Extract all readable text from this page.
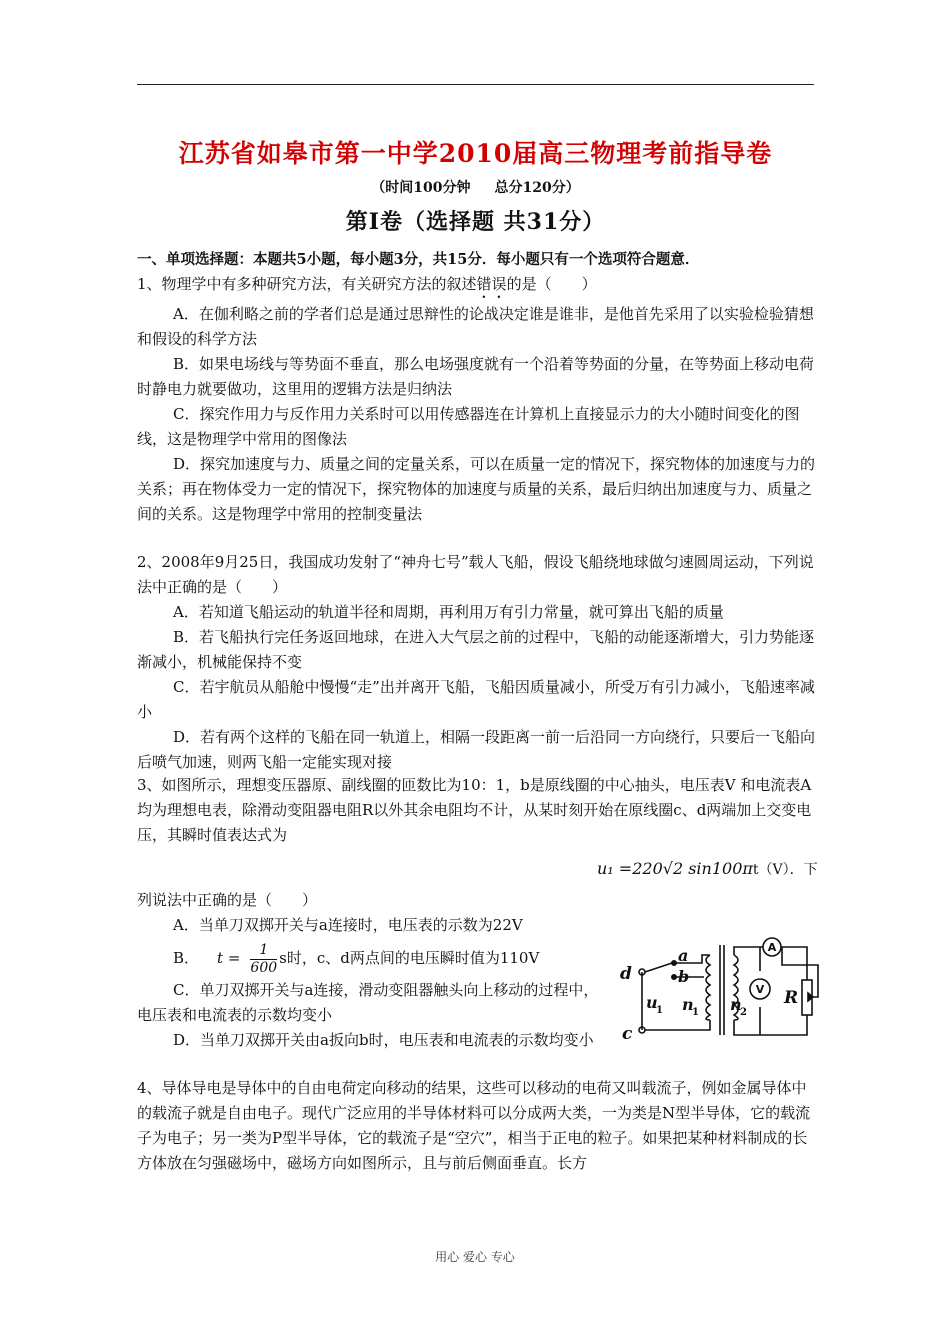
江苏省如皋市第一中学2010届高三物理考前指导卷
（时间100分钟 总分120分）
第Ⅰ卷（选择题 共31分）
一、单项选择题：本题共5小题，每小题3分，共15分．每小题只有一个选项符合题意．
1、物理学中有多种研究方法，有关研究方法的叙述错误的是（　　）
A．在伽利略之前的学者们总是通过思辩性的论战决定谁是谁非，是他首先采用了以实验检验猜想和假设的科学方法
B．如果电场线与等势面不垂直，那么电场强度就有一个沿着等势面的分量，在等势面上移动电荷时静电力就要做功，这里用的逻辑方法是归纳法
C．探究作用力与反作用力关系时可以用传感器连在计算机上直接显示力的大小随时间变化的图线，这是物理学中常用的图像法
D．探究加速度与力、质量之间的定量关系，可以在质量一定的情况下，探究物体的加速度与力的关系；再在物体受力一定的情况下，探究物体的加速度与质量的关系，最后归纳出加速度与力、质量之间的关系。这是物理学中常用的控制变量法
2、2008年9月25日，我国成功发射了“神舟七号”载人飞船，假设飞船绕地球做匀速圆周运动，下列说法中正确的是（　　）
A．若知道飞船运动的轨道半径和周期，再利用万有引力常量，就可算出飞船的质量
B．若飞船执行完任务返回地球，在进入大气层之前的过程中，飞船的动能逐渐增大，引力势能逐渐减小，机械能保持不变
C．若宇航员从船舱中慢慢“走”出并离开飞船，飞船因质量减小，所受万有引力减小，飞船速率减小
D．若有两个这样的飞船在同一轨道上，相隔一段距离一前一后沿同一方向绕行，只要后一飞船向后喷气加速，则两飞船一定能实现对接
3、如图所示，理想变压器原、副线圈的匝数比为10：1，b是原线圈的中心抽头，电压表V 和电流表A均为理想电表，除滑动变阻器电阻R以外其余电阻均不计，从某时刻开始在原线圈c、d两端加上交变电压，其瞬时值表达式为
u₁ =220√2 sin100πt（V）．下
列说法中正确的是（　　）
A．当单刀双掷开关与a连接时，电压表的示数为22V
B． $t = \frac{1}{600}$ s时，c、d两点间的电压瞬时值为110V
C．单刀双掷开关与a连接，滑动变阻器触头向上移动的过程中，电压表和电流表的示数均变小
D．当单刀双掷开关由a扳向b时，电压表和电流表的示数均变小
4、导体导电是导体中的自由电荷定向移动的结果，这些可以移动的电荷又叫载流子，例如金属导体中的载流子就是自由电子。现代广泛应用的半导体材料可以分成两大类，一为类是N型半导体，它的载流子为电子；另一类为P型半导体，它的载流子是“空穴”，相当于正电的粒子。如果把某种材料制成的长方体放在匀强磁场中，磁场方向如图所示，且与前后侧面垂直。长方
d
c
a
b
u
1 n
1 n
2
R
A
V
用心 爱心 专心
